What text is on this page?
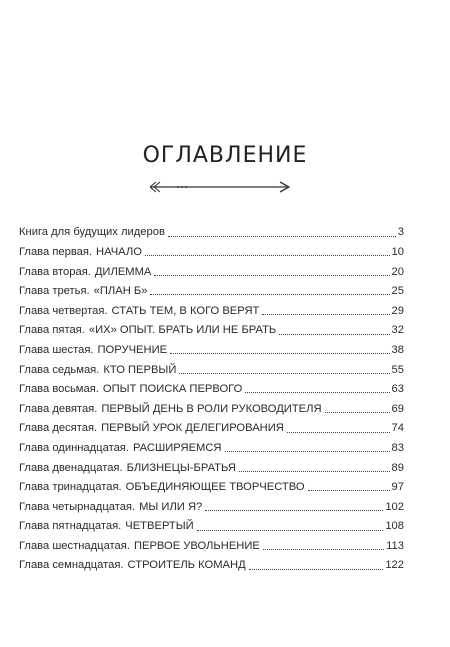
ОГЛАВЛЕНИЕ
Книга для будущих лидеров	3
Глава первая. НАЧАЛО	10
Глава вторая. ДИЛЕММА	20
Глава третья. «ПЛАН Б»	25
Глава четвертая. СТАТЬ ТЕМ, В КОГО ВЕРЯТ	29
Глава пятая. «ИХ» ОПЫТ. БРАТЬ ИЛИ НЕ БРАТЬ	32
Глава шестая. ПОРУЧЕНИЕ	38
Глава седьмая. КТО ПЕРВЫЙ	55
Глава восьмая. ОПЫТ ПОИСКА ПЕРВОГО	63
Глава девятая. ПЕРВЫЙ ДЕНЬ В РОЛИ РУКОВОДИТЕЛЯ	69
Глава десятая. ПЕРВЫЙ УРОК ДЕЛЕГИРОВАНИЯ	74
Глава одиннадцатая. РАСШИРЯЕМСЯ	83
Глава двенадцатая. БЛИЗНЕЦЫ-БРАТЬЯ	89
Глава тринадцатая. ОБЪЕДИНЯЮЩЕЕ ТВОРЧЕСТВО	97
Глава четырнадцатая. МЫ ИЛИ Я?	102
Глава пятнадцатая. ЧЕТВЕРТЫЙ	108
Глава шестнадцатая. ПЕРВОЕ УВОЛЬНЕНИЕ	113
Глава семнадцатая. СТРОИТЕЛЬ КОМАНД	122
